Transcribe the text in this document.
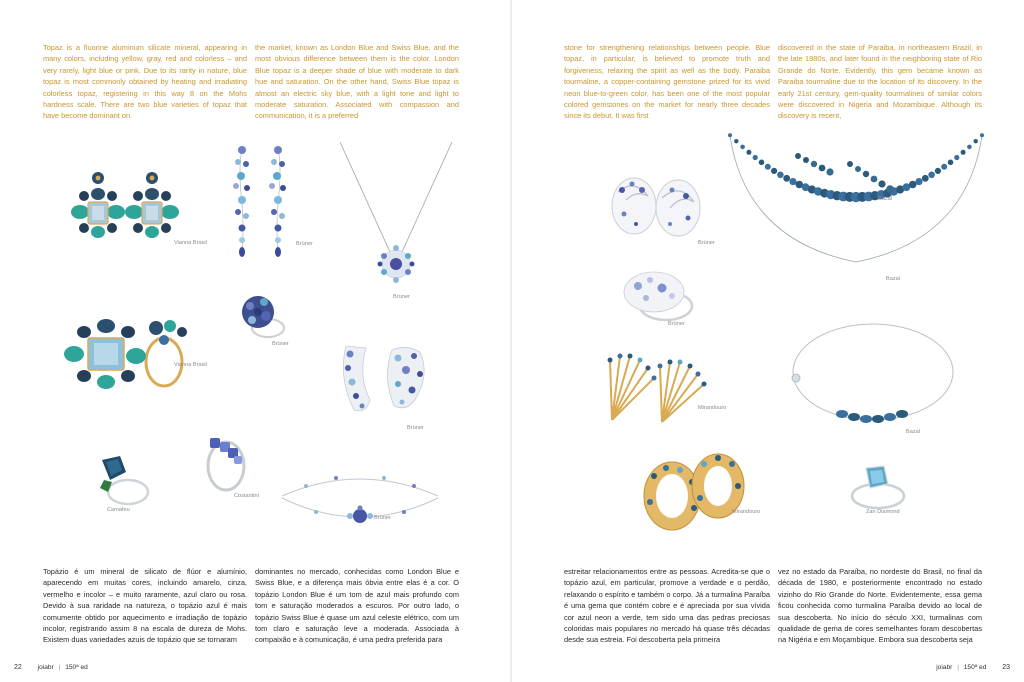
Topaz is a fluorine aluminum silicate mineral, appearing in many colors, including yellow, gray, red and colorless – and very rarely, light blue or pink. Due to its rarity in nature, blue topaz is most commonly obtained by heating and irradiating colorless topaz, registering in this way 8 on the Mohs hardness scale. There are two blue varieties of topaz that have become dominant on
the market, known as London Blue and Swiss Blue, and the most obvious difference between them is the color. London Blue topaz is a deeper shade of blue with moderate to dark hue and saturation. On the other hand, Swiss Blue topaz is almost an electric sky blue, with a light tone and light to moderate saturation. Associated with compassion and communication, it is a preferred
Vianna Brasil	Brüner
Brüner
Brüner
Vianna Brasil
Brüner
Camafeu
Costantini
Brüner
Topázio é um mineral de silicato de flúor e alumínio, aparecendo em muitas cores, incluindo amarelo, cinza, vermelho e incolor – e muito raramente, azul claro ou rosa. Devido à sua raridade na natureza, o topázio azul é mais comumente obtido por aquecimento e irradiação de topázio incolor, registrando assim 8 na escala de dureza de Mohs. Existem duas variedades azuis de topázio que se tornaram
dominantes no mercado, conhecidas como London Blue e Swiss Blue, e a diferença mais óbvia entre elas é a cor. O topázio London Blue é um tom de azul mais profundo com tom e saturação moderados a escuros. Por outro lado, o topázio Swiss Blue é quase um azul celeste elétrico, com um tom claro e saturação leve a moderada. Associada à compaixão e à comunicação, é uma pedra preferida para
22 joiabr | 150ª ed
stone for strengthening relationships between people. Blue topaz, in particular, is believed to promote truth and forgiveness, relaxing the spirit as well as the body. Paraiba tourmaline, a copper-containing gemstone prized for its vivid neon blue-to-green color, has been one of the most popular colored gemstones on the market for nearly three decades since its debut. It was first
discovered in the state of Paraiba, in northeastern Brazil, in the late 1980s, and later found in the neighboring state of Rio Grande do Norte. Evidently, this gem became known as Paraiba tourmaline due to the location of its discovery. In the early 21st century, gem-quality tourmalines of similar colors were discovered in Nigeria and Mozambique. Although its discovery is recent,
Brüner
Bazal
Bazal
Brüner
Bazal
Mirandouro
Mirandouro	Zan Diamond
estreitar relacionamentos entre as pessoas. Acredita-se que o topázio azul, em particular, promove a verdade e o perdão, relaxando o espírito e também o corpo. Já a turmalina Paraíba é uma gema que contém cobre e é apreciada por sua vívida cor azul neon a verde, tem sido uma das pedras preciosas coloridas mais populares no mercado há quase três décadas desde sua estreia. Foi descoberta pela primeira
vez no estado da Paraíba, no nordeste do Brasil, no final da década de 1980, e posteriormente encontrado no estado vizinho do Rio Grande do Norte. Evidentemente, essa gema ficou conhecida como turmalina Paraíba devido ao local de sua descoberta. No início do século XXI, turmalinas com qualidade de gema de cores semelhantes foram descobertas na Nigéria e em Moçambique. Embora sua descoberta seja
joiabr | 150ª ed 23
